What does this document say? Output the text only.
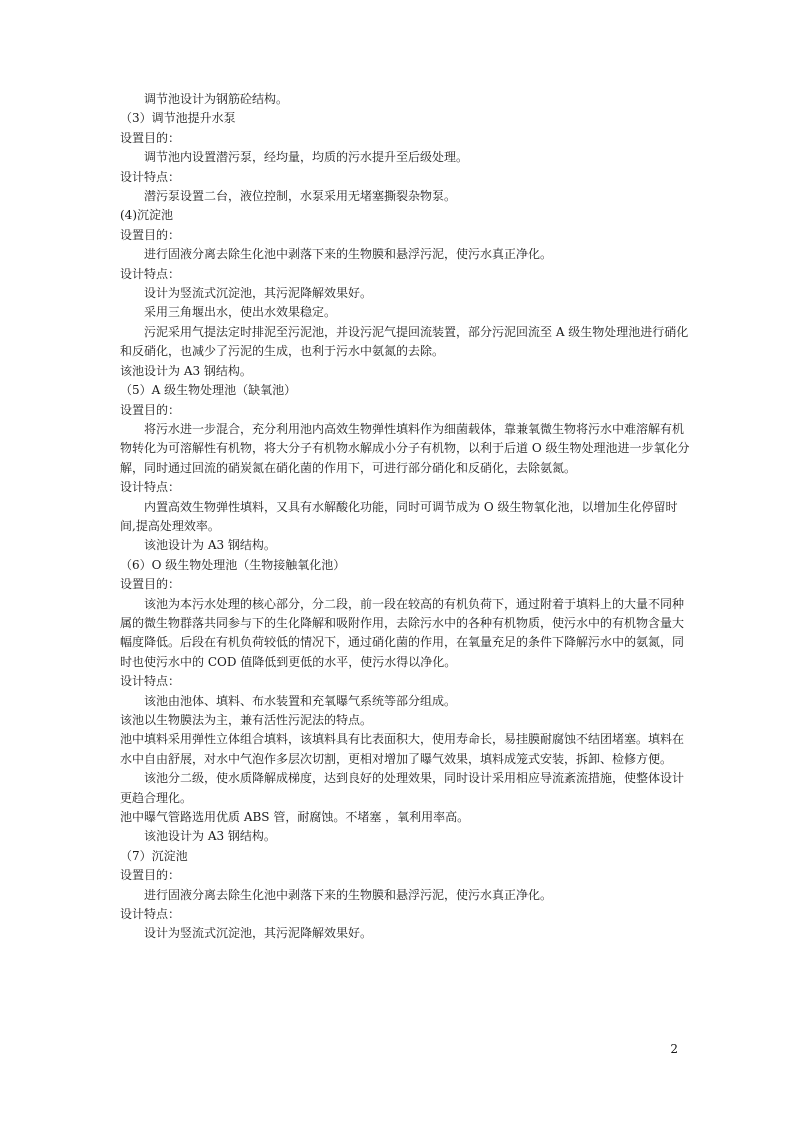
调节池设计为钢筋砼结构。
（3）调节池提升水泵
设置目的：
调节池内设置潜污泵，经均量，均质的污水提升至后级处理。
设计特点：
潜污泵设置二台，液位控制，水泵采用无堵塞撕裂杂物泵。
(4)沉淀池
设置目的：
进行固液分离去除生化池中剥落下来的生物膜和悬浮污泥，使污水真正净化。
设计特点：
设计为竖流式沉淀池，其污泥降解效果好。
采用三角堰出水，使出水效果稳定。
污泥采用气提法定时排泥至污泥池，并设污泥气提回流装置，部分污泥回流至 A 级生物处理池进行硝化和反硝化，也减少了污泥的生成，也利于污水中氨氮的去除。
该池设计为 A3 钢结构。
（5）A 级生物处理池（缺氧池）
设置目的：
将污水进一步混合，充分利用池内高效生物弹性填料作为细菌载体，靠兼氧微生物将污水中难溶解有机物转化为可溶解性有机物，将大分子有机物水解成小分子有机物，以利于后道 O 级生物处理池进一步氧化分解，同时通过回流的硝炭氮在硝化菌的作用下，可进行部分硝化和反硝化，去除氨氮。
设计特点：
内置高效生物弹性填料，又具有水解酸化功能，同时可调节成为 O 级生物氧化池，以增加生化停留时间,提高处理效率。
该池设计为 A3 钢结构。
（6）O 级生物处理池（生物接触氧化池）
设置目的：
该池为本污水处理的核心部分，分二段，前一段在较高的有机负荷下，通过附着于填料上的大量不同种属的微生物群落共同参与下的生化降解和吸附作用，去除污水中的各种有机物质，使污水中的有机物含量大幅度降低。后段在有机负荷较低的情况下，通过硝化菌的作用，在氧量充足的条件下降解污水中的氨氮，同时也使污水中的 COD 值降低到更低的水平，使污水得以净化。
设计特点：
该池由池体、填料、布水装置和充氧曝气系统等部分组成。
该池以生物膜法为主，兼有活性污泥法的特点。
池中填料采用弹性立体组合填料，该填料具有比表面积大，使用寿命长，易挂膜耐腐蚀不结团堵塞。填料在水中自由舒展，对水中气泡作多层次切割，更相对增加了曝气效果，填料成笼式安装，拆卸、检修方便。
该池分二级，使水质降解成梯度，达到良好的处理效果，同时设计采用相应导流紊流措施，使整体设计更趋合理化。
池中曝气管路选用优质 ABS 管，耐腐蚀。不堵塞 ，氧利用率高。
该池设计为 A3 钢结构。
（7）沉淀池
设置目的：
进行固液分离去除生化池中剥落下来的生物膜和悬浮污泥，使污水真正净化。
设计特点：
设计为竖流式沉淀池，其污泥降解效果好。
2
